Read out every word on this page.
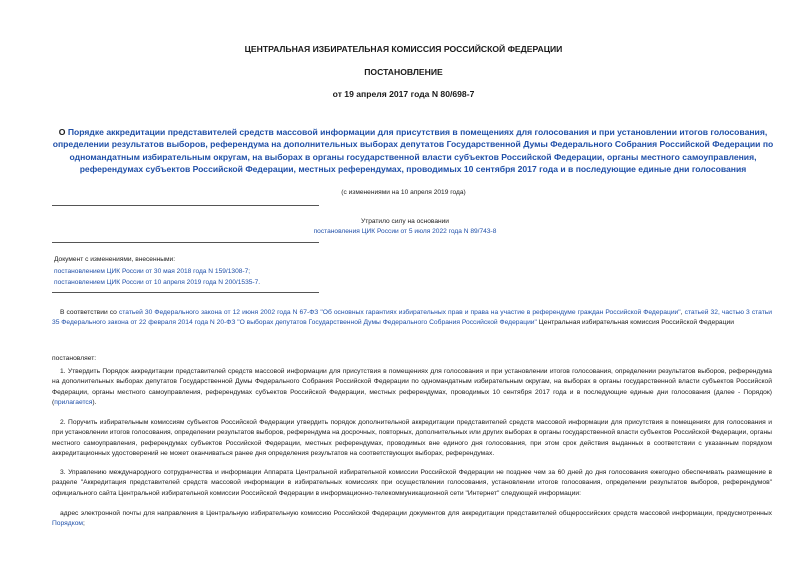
ЦЕНТРАЛЬНАЯ ИЗБИРАТЕЛЬНАЯ КОМИССИЯ РОССИЙСКОЙ ФЕДЕРАЦИИ
ПОСТАНОВЛЕНИЕ
от 19 апреля 2017 года N 80/698-7
О Порядке аккредитации представителей средств массовой информации для присутствия в помещениях для голосования и при установлении итогов голосования, определении результатов выборов, референдума на дополнительных выборах депутатов Государственной Думы Федерального Собрания Российской Федерации по одномандатным избирательным округам, на выборах в органы государственной власти субъектов Российской Федерации, органы местного самоуправления, референдумах субъектов Российской Федерации, местных референдумах, проводимых 10 сентября 2017 года и в последующие единые дни голосования
(с изменениями на 10 апреля 2019 года)
Утратило силу на основании
постановления ЦИК России от 5 июля 2022 года N 89/743-8
Документ с изменениями, внесенными:
постановлением ЦИК России от 30 мая 2018 года N 159/1308-7;
постановлением ЦИК России от 10 апреля 2019 года N 200/1535-7.
В соответствии со статьей 30 Федерального закона от 12 июня 2002 года N 67-ФЗ "Об основных гарантиях избирательных прав и права на участие в референдуме граждан Российской Федерации", статьей 32, частью 3 статьи 35 Федерального закона от 22 февраля 2014 года N 20-ФЗ "О выборах депутатов Государственной Думы Федерального Собрания Российской Федерации" Центральная избирательная комиссия Российской Федерации
постановляет:
1. Утвердить Порядок аккредитации представителей средств массовой информации для присутствия в помещениях для голосования и при установлении итогов голосования, определении результатов выборов, референдума на дополнительных выборах депутатов Государственной Думы Федерального Собрания Российской Федерации по одномандатным избирательным округам, на выборах в органы государственной власти субъектов Российской Федерации, органы местного самоуправления, референдумах субъектов Российской Федерации, местных референдумах, проводимых 10 сентября 2017 года и в последующие единые дни голосования (далее - Порядок) (прилагается).
2. Поручить избирательным комиссиям субъектов Российской Федерации утвердить порядок дополнительной аккредитации представителей средств массовой информации для присутствия в помещениях для голосования и при установлении итогов голосования, определении результатов выборов, референдума на досрочных, повторных, дополнительных или других выборах в органы государственной власти субъектов Российской Федерации, органы местного самоуправления, референдумах субъектов Российской Федерации, местных референдумах, проводимых вне единого дня голосования, при этом срок действия выданных в соответствии с указанным порядком аккредитационных удостоверений не может оканчиваться ранее дня определения результатов на соответствующих выборах, референдумах.
3. Управлению международного сотрудничества и информации Аппарата Центральной избирательной комиссии Российской Федерации не позднее чем за 60 дней до дня голосования ежегодно обеспечивать размещение в разделе "Аккредитация представителей средств массовой информации в избирательных комиссиях при осуществлении голосования, установлении итогов голосования, определении результатов выборов, референдумов" официального сайта Центральной избирательной комиссии Российской Федерации в информационно-телекоммуникационной сети "Интернет" следующей информации:
адрес электронной почты для направления в Центральную избирательную комиссию Российской Федерации документов для аккредитации представителей общероссийских средств массовой информации, предусмотренных Порядком;
